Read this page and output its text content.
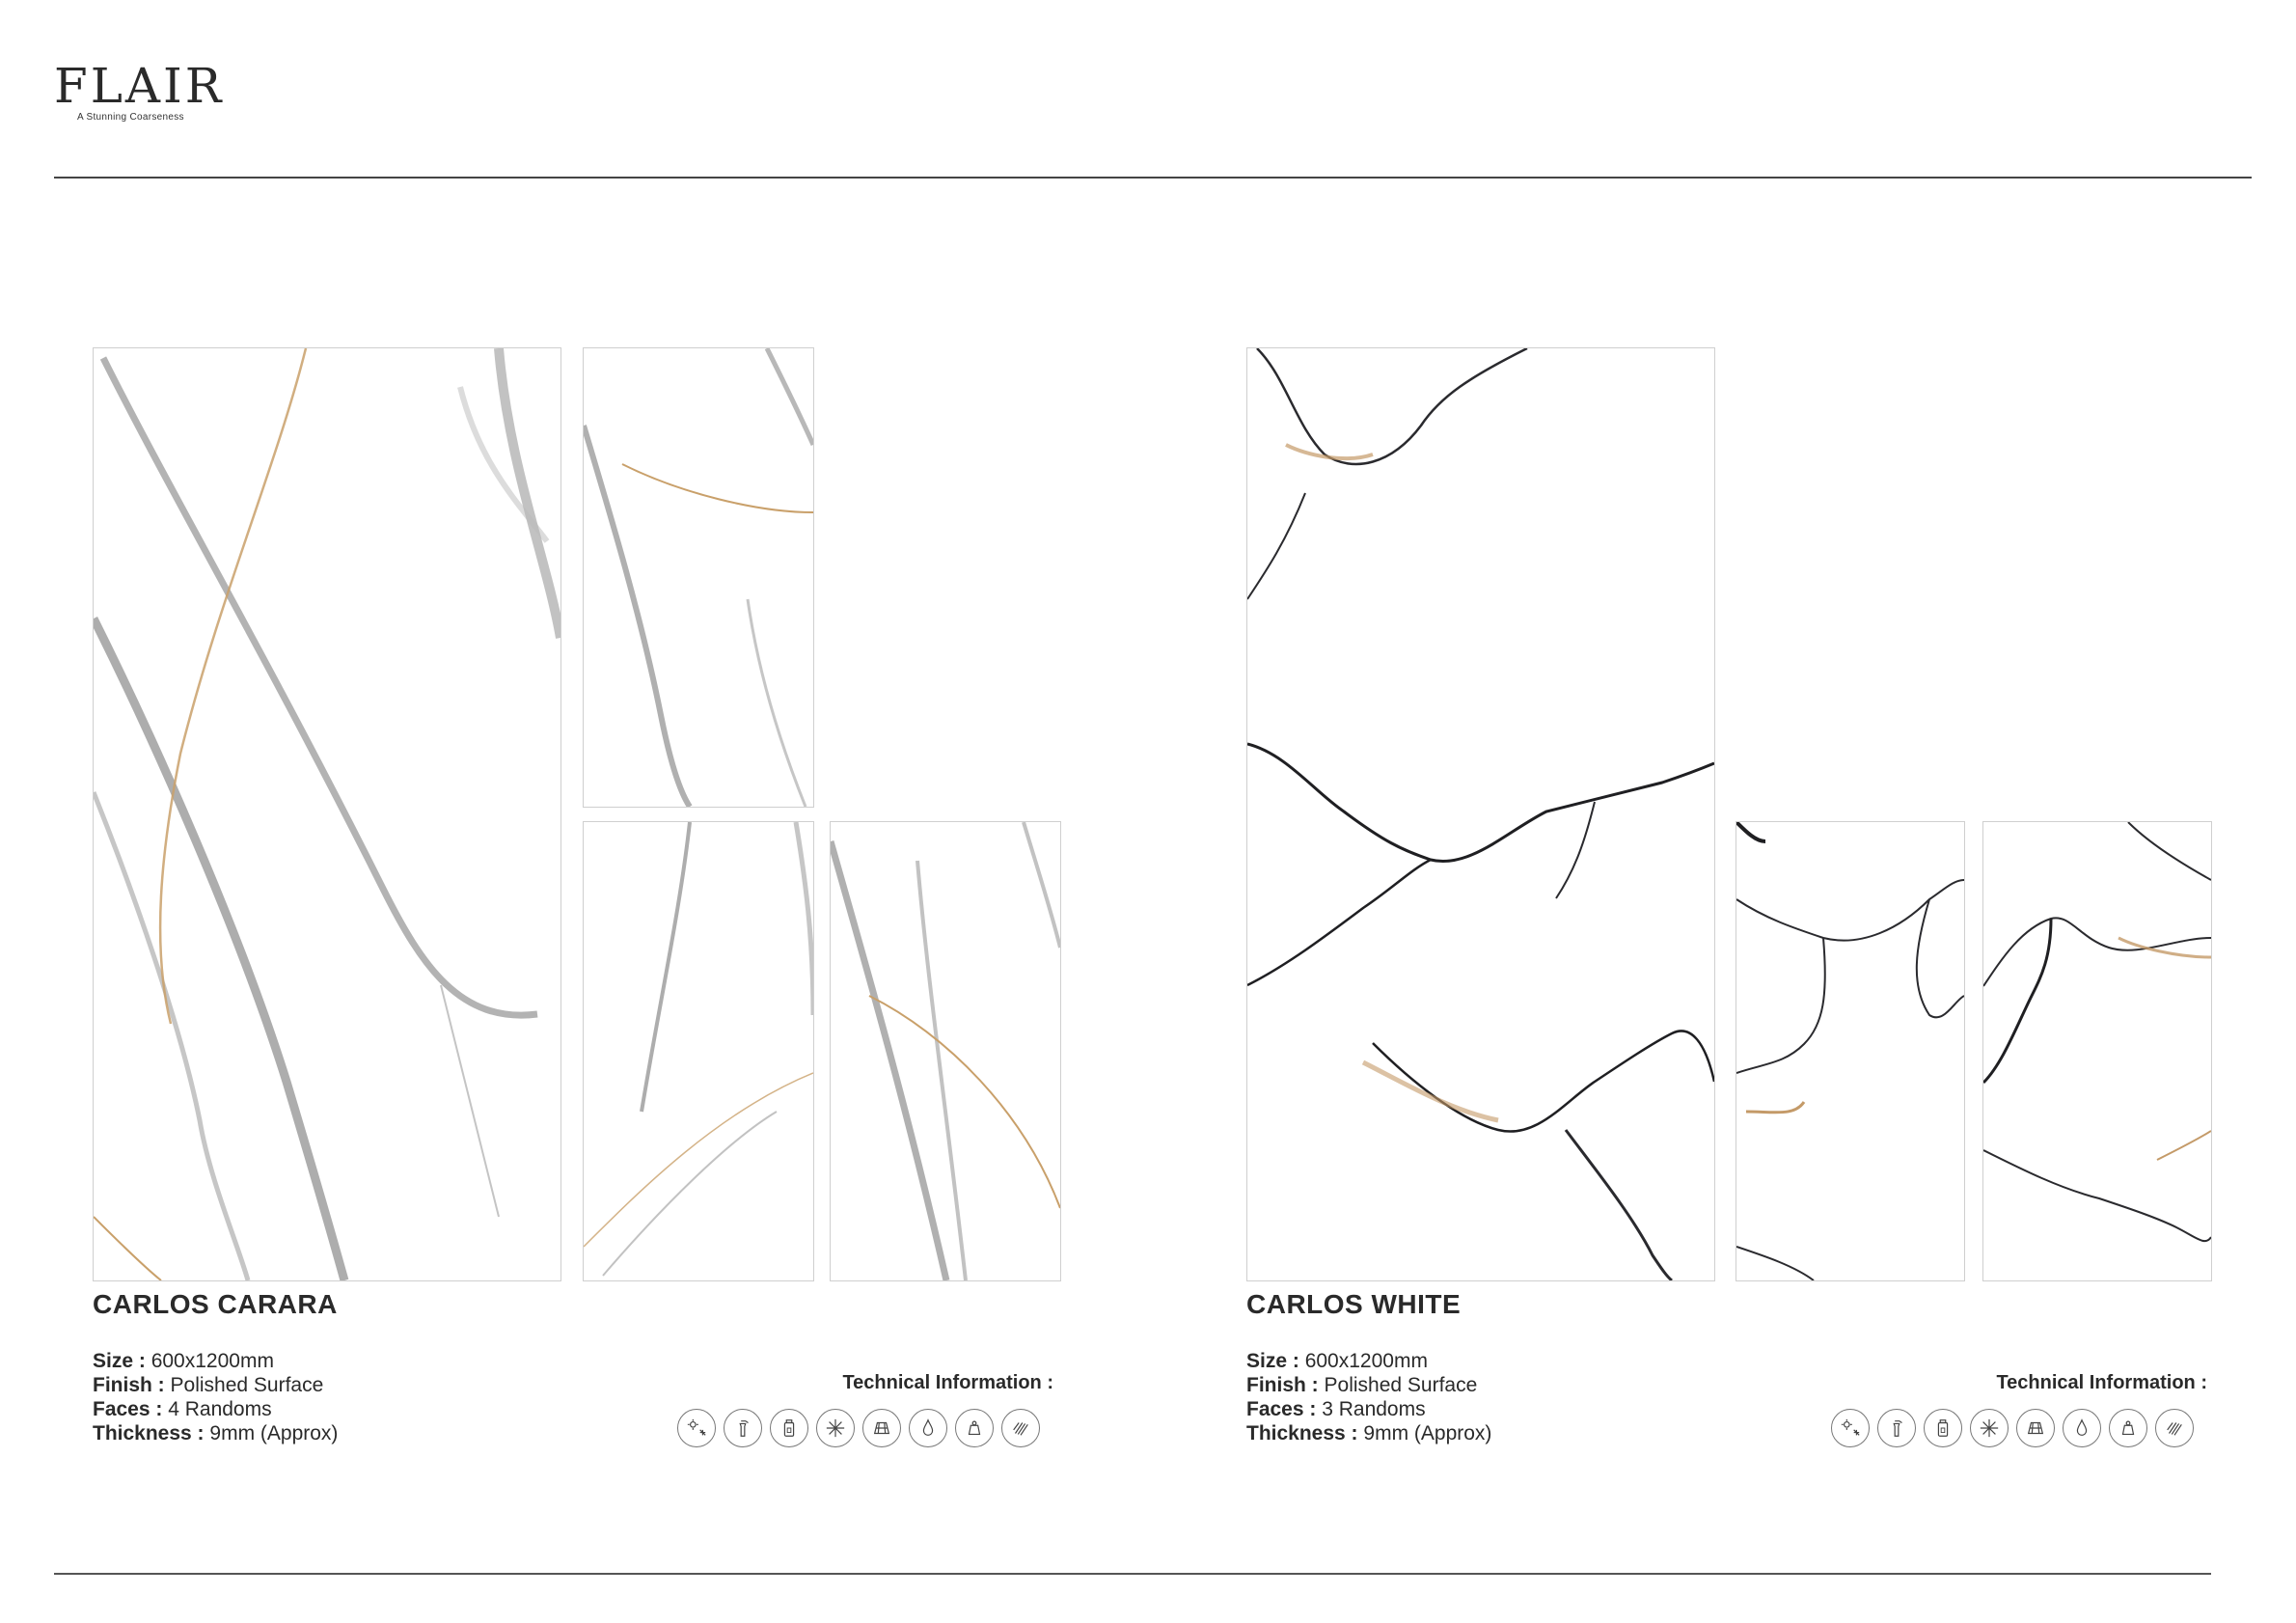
FLAIR
A Stunning Coarseness
CARLOS CARARA
Size : 600x1200mm
Finish : Polished Surface
Faces : 4 Randoms
Thickness : 9mm (Approx)
Technical Information :
CARLOS WHITE
Size : 600x1200mm
Finish : Polished Surface
Faces : 3 Randoms
Thickness : 9mm (Approx)
Technical Information :
